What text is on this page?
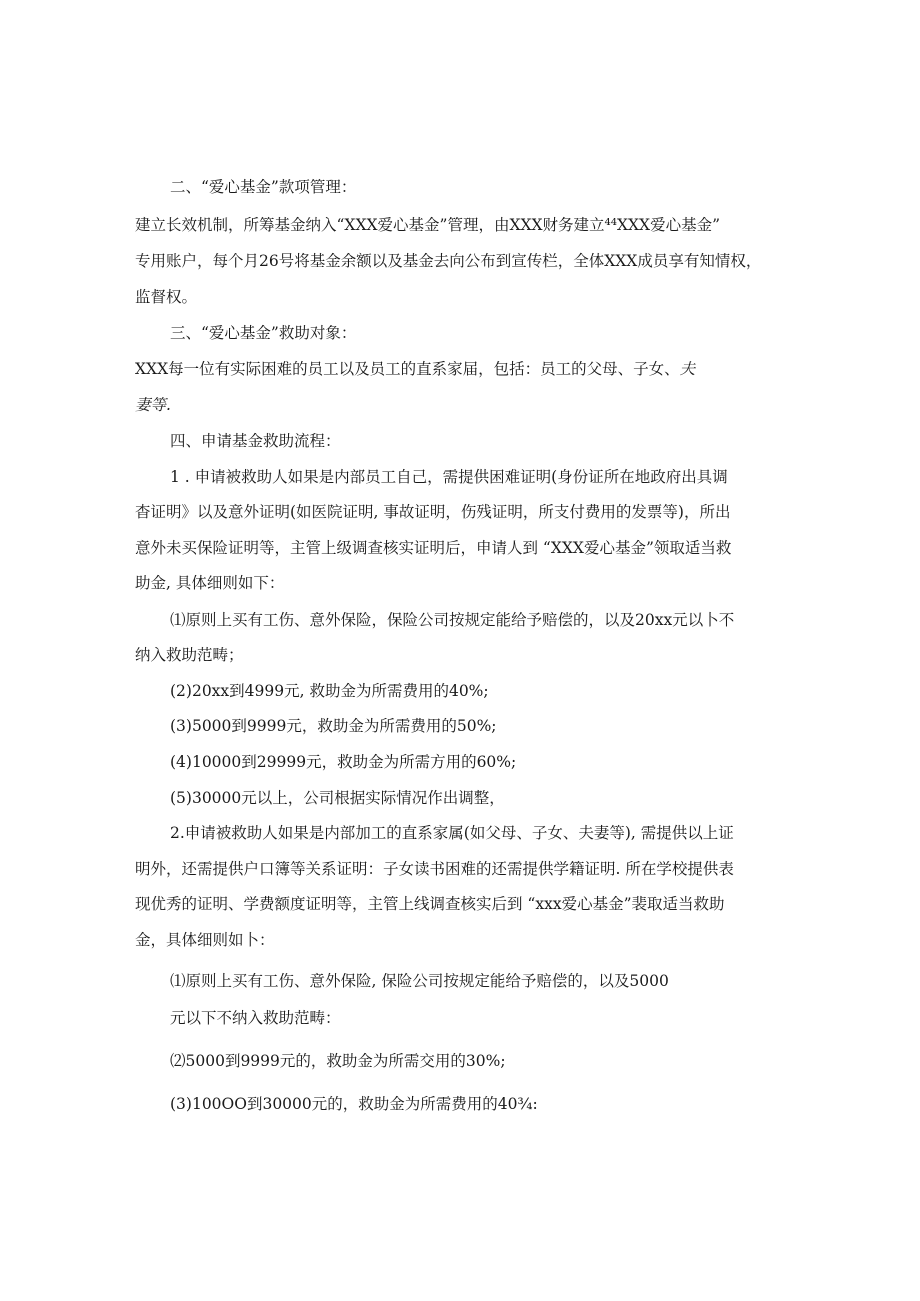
二、“爱心基金”款项管理：

建立长效机制，所筹基金纳入“XXX爱心基金”管理，由XXX财务建立⁴⁴XXX爱心基金”

专用账户，每个月26号将基金余额以及基金去向公布到宣传栏，全体XXX成员享有知情权，

监督权。

三、“爱心基金”救助对象：

XXX每一位有实际困难的员工以及员工的直系家届，包括：员工的父母、子女、夫

妻等.

四、申请基金救助流程：

1 . 申请被救助人如果是内部员工自己，需提供困难证明(身份证所在地政府出具调

杳证明》以及意外证明(如医院证明, 事故证明，伤残证明，所支付费用的发票等)，所出

意外未买保险证明等，主管上级调查核实证明后，申请人到 “XXX爱心基金”领取适当救

助金, 具体细则如下：

⑴原则上买有工伤、意外保险，保险公司按规定能给予赔偿的，以及20xx元以卜不

纳入救助范畴；

(2)20xx到4999元, 救助金为所需费用的40%;

(3)5000到9999元，救助金为所需费用的50%;

(4)10000到29999元，救助金为所需方用的60%;

(5)30000元以上，公司根据实际情况作出调整，

2.申请被救助人如果是内部加工的直系家属(如父母、子女、夫妻等), 需提供以上证

明外，还需提供户口簿等关系证明：子女读书困难的还需提供学籍证明. 所在学校提供表

现优秀的证明、学费额度证明等，主管上线调查核实后到 “xxx爱心基金”裴取适当救助

金，具体细则如卜：

⑴原则上买有工伤、意外保险, 保险公司按规定能给予赔偿的，以及5000

元以下不纳入救助范畴：

⑵5000到9999元的，救助金为所需交用的30%;

(3)100OO到30000元的，救助金为所需费用的40¾:
